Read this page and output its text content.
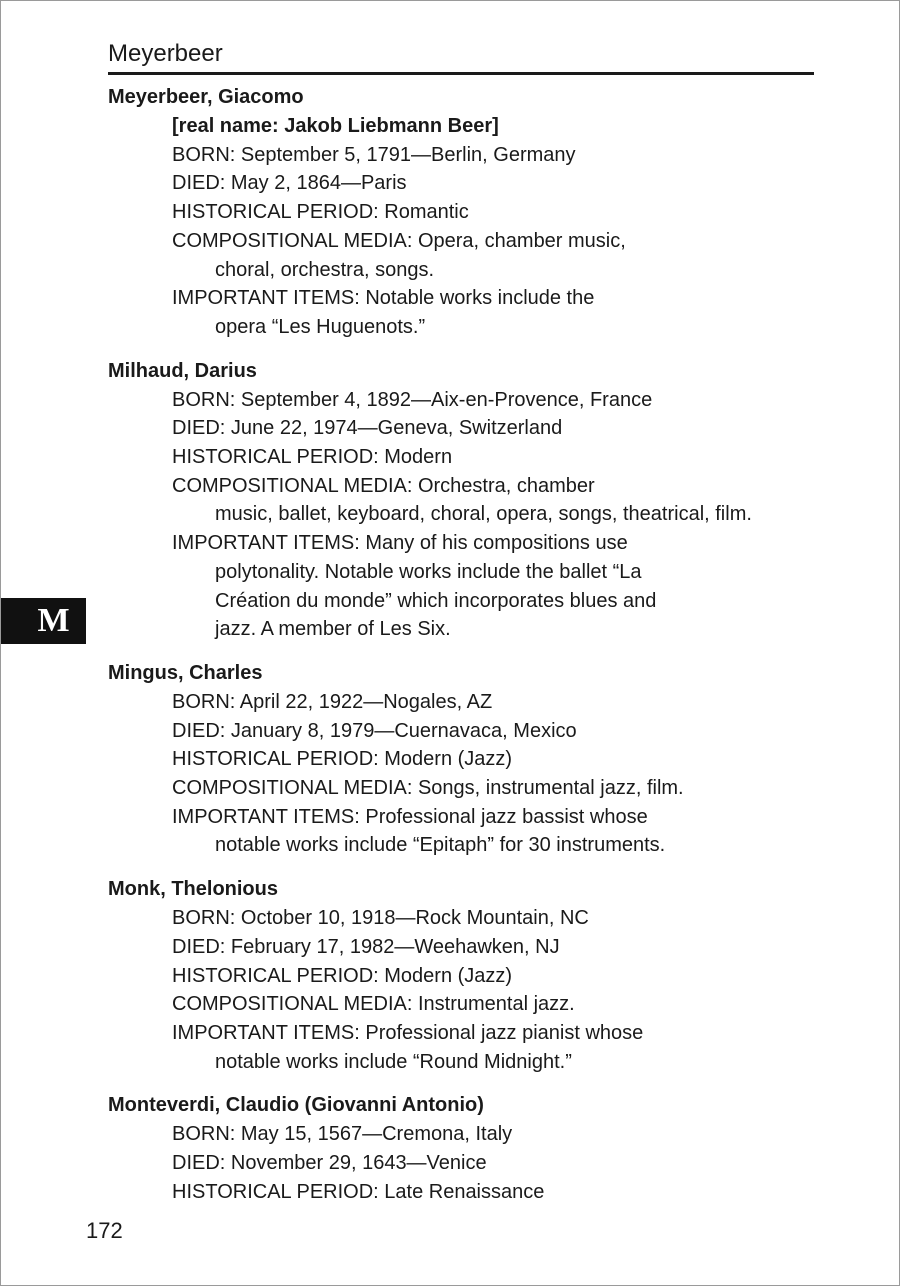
Meyerbeer
Meyerbeer, Giacomo
[real name: Jakob Liebmann Beer]
BORN: September 5, 1791—Berlin, Germany
DIED: May 2, 1864—Paris
HISTORICAL PERIOD: Romantic
COMPOSITIONAL MEDIA: Opera, chamber music,
choral, orchestra, songs.
IMPORTANT ITEMS: Notable works include the
opera “Les Huguenots.”
Milhaud, Darius
BORN: September 4, 1892—Aix-en-Provence, France
DIED: June 22, 1974—Geneva, Switzerland
HISTORICAL PERIOD: Modern
COMPOSITIONAL MEDIA: Orchestra, chamber
music, ballet, keyboard, choral, opera, songs, theatrical, film.
IMPORTANT ITEMS: Many of his compositions use
polytonality. Notable works include the ballet “La
Création du monde” which incorporates blues and
jazz. A member of Les Six.
Mingus, Charles
BORN: April 22, 1922—Nogales, AZ
DIED: January 8, 1979—Cuernavaca, Mexico
HISTORICAL PERIOD: Modern (Jazz)
COMPOSITIONAL MEDIA: Songs, instrumental jazz, film.
IMPORTANT ITEMS: Professional jazz bassist whose
notable works include “Epitaph” for 30 instruments.
Monk, Thelonious
BORN: October 10, 1918—Rock Mountain, NC
DIED: February 17, 1982—Weehawken, NJ
HISTORICAL PERIOD: Modern (Jazz)
COMPOSITIONAL MEDIA: Instrumental jazz.
IMPORTANT ITEMS: Professional jazz pianist whose
notable works include “Round Midnight.”
Monteverdi, Claudio (Giovanni Antonio)
BORN: May 15, 1567—Cremona, Italy
DIED: November 29, 1643—Venice
HISTORICAL PERIOD: Late Renaissance
M
172
